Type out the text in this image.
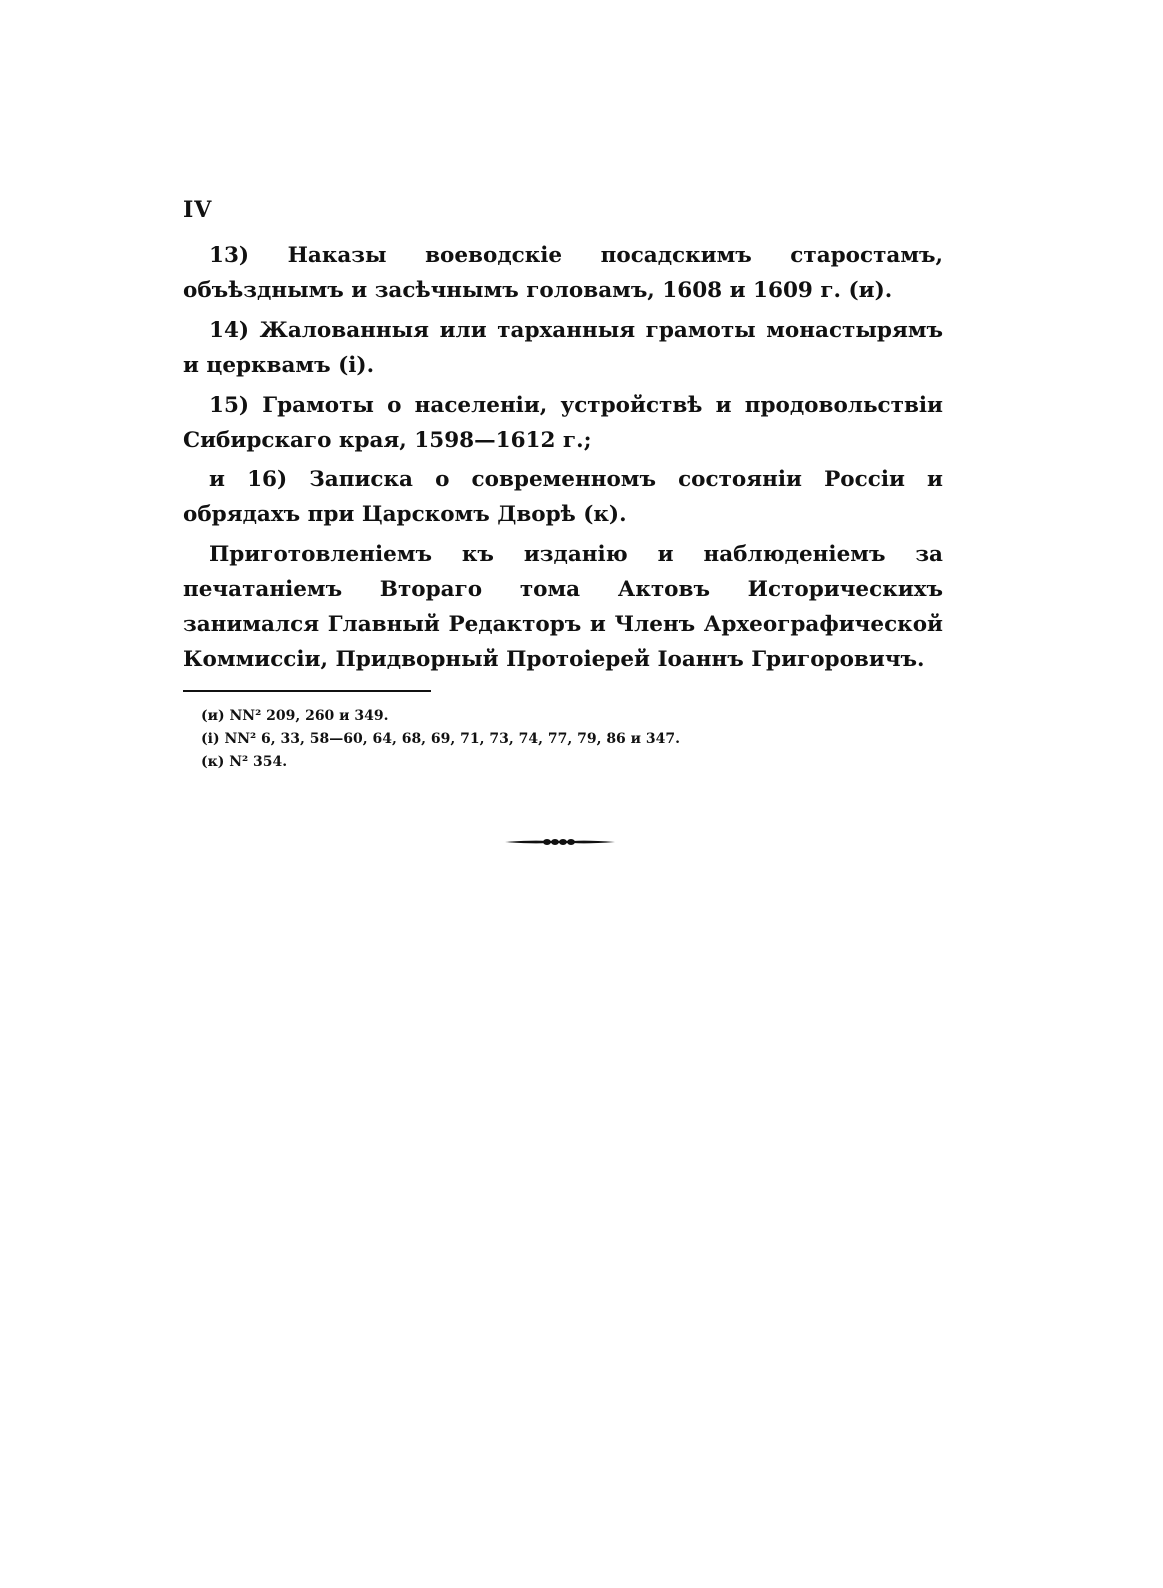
IV

13) Наказы воеводскіе посадскимъ старостамъ, объѣзднымъ и засѣчнымъ головамъ, 1608 и 1609 г. (и).

14) Жалованныя или тарханныя грамоты монастырямъ и церквамъ (і).

15) Грамоты о населеніи, устройствѣ и продовольствіи Сибирскаго края, 1598—1612 г.;

и 16) Записка о современномъ состояніи Россіи и обрядахъ при Царскомъ Дворѣ (к).

Приготовленіемъ къ изданію и наблюденіемъ за печатаніемъ Вторaго тома Актовъ Историческихъ занимался Главный Редакторъ и Членъ Археографической Коммиссіи, Придворный Протоіерей Іоаннъ Григоровичъ.

(и) NN² 209, 260 и 349.
(і) NN² 6, 33, 58—60, 64, 68, 69, 71, 73, 74, 77, 79, 86 и 347.
(к) N² 354.
